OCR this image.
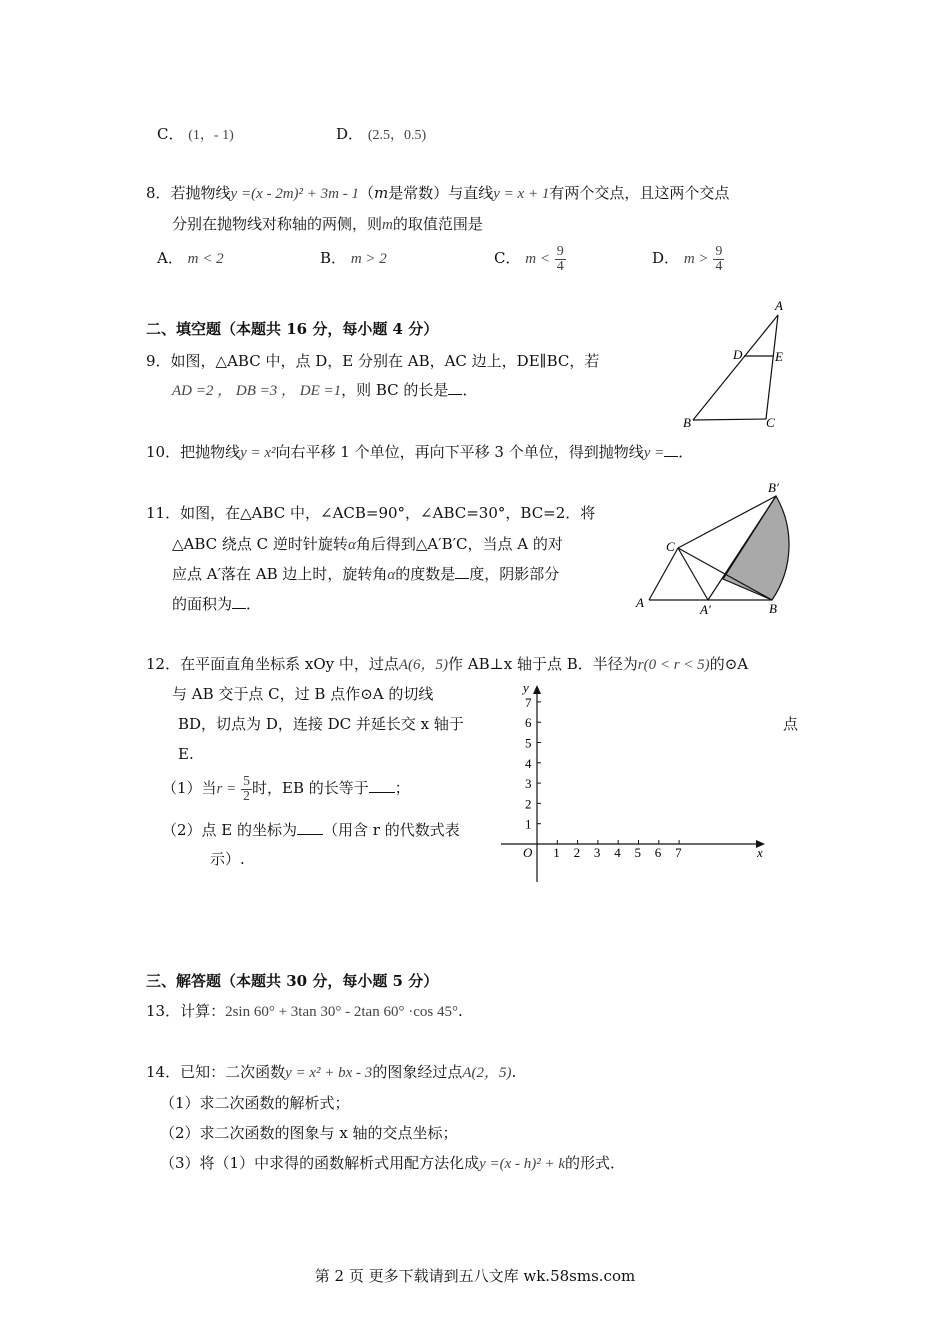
C． (1，- 1)	D． (2.5，0.5)
8．若抛物线y =(x - 2m)² + 3m - 1（m是常数）与直线y = x + 1有两个交点，且这两个交点
分别在抛物线对称轴的两侧，则m的取值范围是
A． m < 2	B． m > 2	C． $m < \frac{9}{4}$	D． $m > \frac{9}{4}$
二、填空题（本题共 16 分，每小题 4 分）
9．如图，△ABC 中，点 D，E 分别在 AB，AC 边上，DE∥BC，若
AD =2 ， DB =3 ， DE =1，则 BC 的长是 ．
A
D	E
B	C
10．把抛物线y = x²向右平移 1 个单位，再向下平移 3 个单位，得到抛物线y = ．
11．如图，在△ABC 中，∠ACB=90°，∠ABC=30°，BC=2．将
△ABC 绕点 C 逆时针旋转α角后得到△A′B′C，当点 A 的对
应点 A′落在 AB 边上时，旋转角α的度数是 度，阴影部分
的面积为 ．
B′
C
A	A′	B
12．在平面直角坐标系 xOy 中，过点A(6，5)作 AB⊥x 轴于点 B．半径为r(0 < r < 5)的⊙A
与 AB 交于点 C，过 B 点作⊙A 的切线
BD，切点为 D，连接 DC 并延长交 x 轴于	点
E.
（1）当$r = \frac{5}{2}$ 时，EB 的长等于 ；
（2）点 E 的坐标为 （用含 r 的代数式表
示）.
y
x
O 1 2 3 4 5 6 7
1
2
3
4
5
6
7
三、解答题（本题共 30 分，每小题 5 分）
13．计算：2sin 60° + 3tan 30° - 2tan 60° ·cos 45°.
14．已知：二次函数y = x² + bx - 3的图象经过点A(2，5).
（1）求二次函数的解析式；
（2）求二次函数的图象与 x 轴的交点坐标；
（3）将（1）中求得的函数解析式用配方法化成y =(x - h)² + k的形式．
第 2 页 更多下载请到五八文库 wk.58sms.com
